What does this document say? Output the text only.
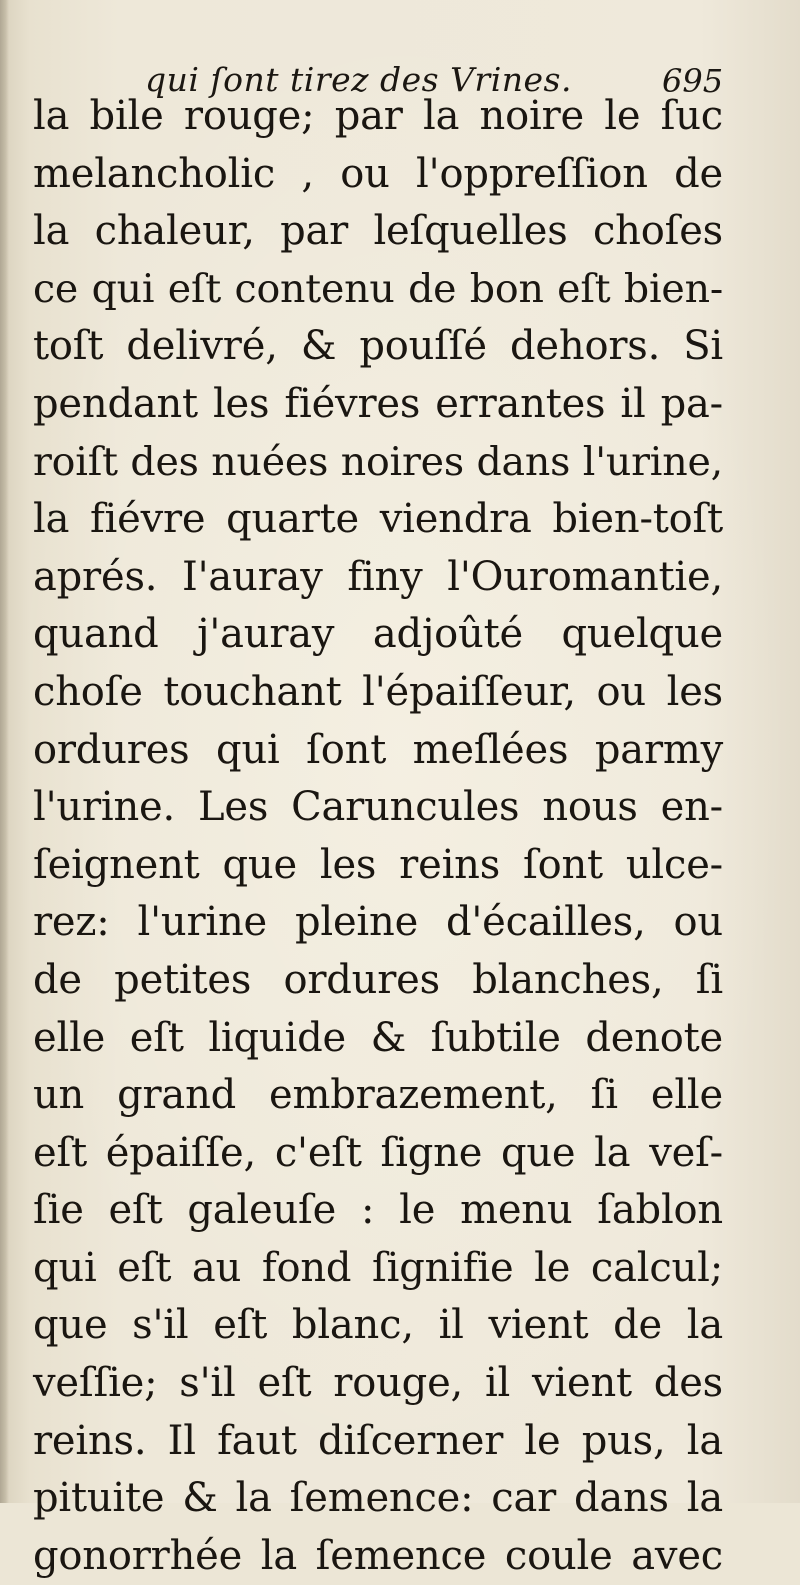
qui ſont tirez des Vrines.	695
la bile rouge; par la noire le ſuc
melancholic , ou l'oppreſſion de
la chaleur, par leſquelles choſes
ce qui eſt contenu de bon eſt bien-
toſt delivré, & pouſſé dehors. Si
pendant les fiévres errantes il pa-
roiſt des nuées noires dans l'urine,
la fiévre quarte viendra bien-toſt
aprés. I'auray finy l'Ouromantie,
quand j'auray adjoûté quelque
choſe touchant l'épaiſſeur, ou les
ordures qui ſont meſlées parmy
l'urine. Les Caruncules nous en-
ſeignent que les reins ſont ulce-
rez: l'urine pleine d'écailles, ou
de petites ordures blanches, ſi
elle eſt liquide & ſubtile denote
un grand embrazement, ſi elle
eſt épaiſſe, c'eſt ſigne que la veſ-
ſie eſt galeuſe : le menu ſablon
qui eſt au fond ſignifie le calcul;
que s'il eſt blanc, il vient de la
veſſie; s'il eſt rouge, il vient des
reins. Il faut diſcerner le pus, la
pituite & la ſemence: car dans la
gonorrhée la ſemence coule avec
